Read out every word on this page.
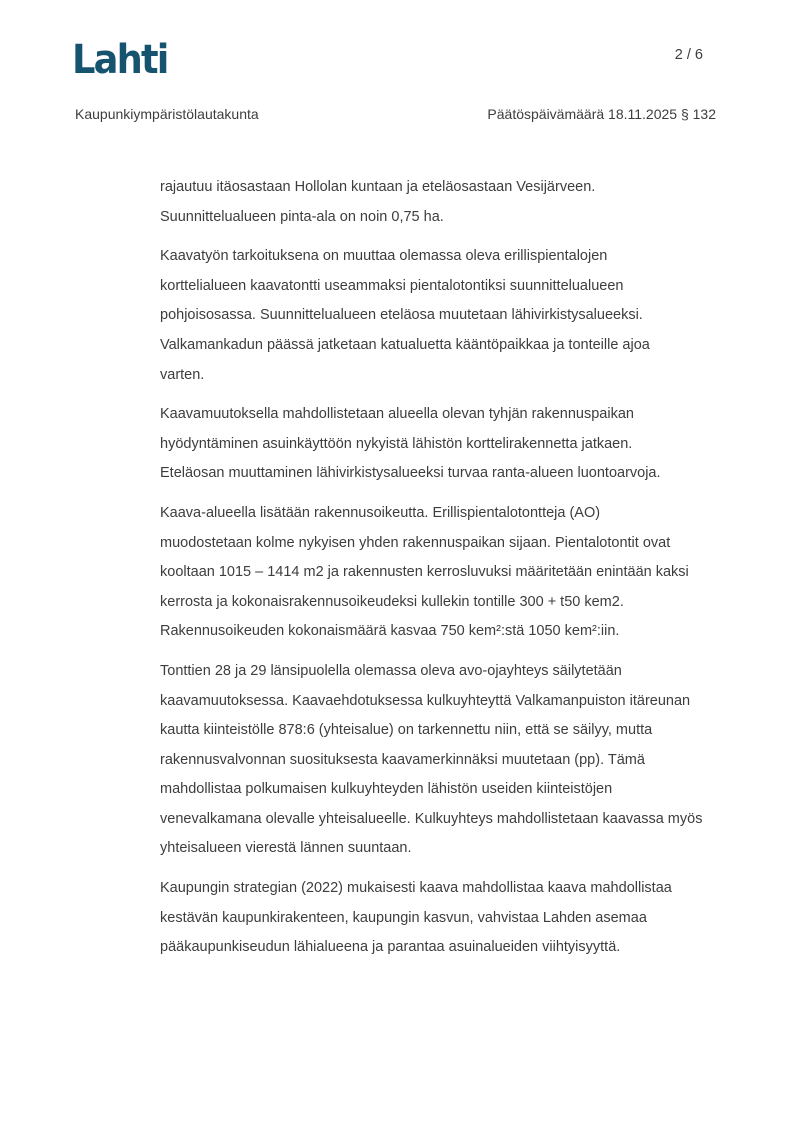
Lahti	2 / 6
Kaupunkiympäristölautakunta	Päätöspäivämäärä 18.11.2025 § 132

rajautuu itäosastaan Hollolan kuntaan ja eteläosastaan Vesijärveen.
Suunnittelualueen pinta-ala on noin 0,75 ha.

Kaavatyön tarkoituksena on muuttaa olemassa oleva erillispientalojen
korttelialueen kaavatontti useammaksi pientalotontiksi suunnittelualueen
pohjoisosassa. Suunnittelualueen eteläosa muutetaan lähivirkistysalueeksi.
Valkamankadun päässä jatketaan katualuetta kääntöpaikkaa ja tonteille ajoa
varten.

Kaavamuutoksella mahdollistetaan alueella olevan tyhjän rakennuspaikan
hyödyntäminen asuinkäyttöön nykyistä lähistön korttelirakennetta jatkaen.
Eteläosan muuttaminen lähivirkistysalueeksi turvaa ranta-alueen luontoarvoja.

Kaava-alueella lisätään rakennusoikeutta. Erillispientalotontteja (AO)
muodostetaan kolme nykyisen yhden rakennuspaikan sijaan. Pientalotontit ovat
kooltaan 1015 – 1414 m2 ja rakennusten kerrosluvuksi määritetään enintään kaksi
kerrosta ja kokonaisrakennusoikeudeksi kullekin tontille 300 + t50 kem2.
Rakennusoikeuden kokonaismäärä kasvaa 750 kem²:stä 1050 kem²:iin.

Tonttien 28 ja 29 länsipuolella olemassa oleva avo-ojayhteys säilytetään
kaavamuutoksessa. Kaavaehdotuksessa kulkuyhteyttä Valkamanpuiston itäreunan
kautta kiinteistölle 878:6 (yhteisalue) on tarkennettu niin, että se säilyy, mutta
rakennusvalvonnan suosituksesta kaavamerkinnäksi muutetaan (pp). Tämä
mahdollistaa polkumaisen kulkuyhteyden lähistön useiden kiinteistöjen
venevalkamana olevalle yhteisalueelle. Kulkuyhteys mahdollistetaan kaavassa myös
yhteisalueen vierestä lännen suuntaan.

Kaupungin strategian (2022) mukaisesti kaava mahdollistaa kaava mahdollistaa
kestävän kaupunkirakenteen, kaupungin kasvun, vahvistaa Lahden asemaa
pääkaupunkiseudun lähialueena ja parantaa asuinalueiden viihtyisyyttä.
